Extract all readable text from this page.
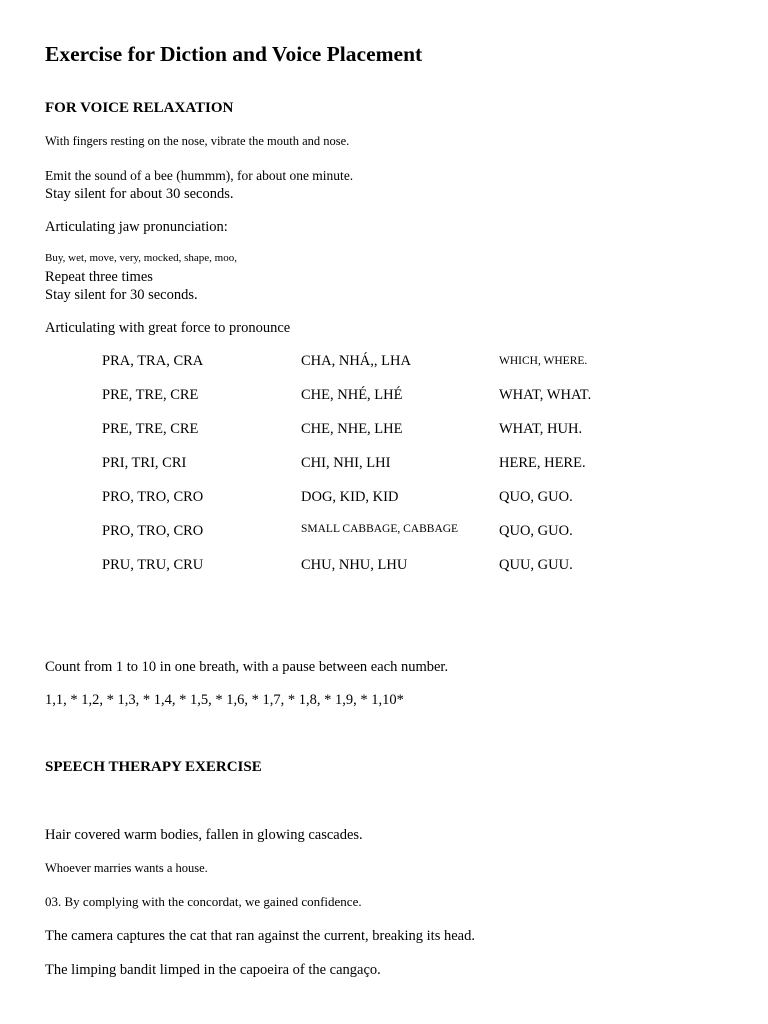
Exercise for Diction and Voice Placement
FOR VOICE RELAXATION
With fingers resting on the nose, vibrate the mouth and nose.
Emit the sound of a bee (hummm), for about one minute.
Stay silent for about 30 seconds.
Articulating jaw pronunciation:
Buy, wet, move, very, mocked, shape, moo,
Repeat three times
Stay silent for 30 seconds.
Articulating with great force to pronounce
PRA, TRA, CRA	CHA, NHÁ,, LHA	WHICH, WHERE.
PRE, TRE, CRE	CHE, NHÉ, LHÉ	WHAT, WHAT.
PRE, TRE, CRE	CHE, NHE, LHE	WHAT, HUH.
PRI, TRI, CRI	CHI, NHI, LHI	HERE, HERE.
PRO, TRO, CRO	DOG, KID, KID	QUO, GUO.
PRO, TRO, CRO	SMALL CABBAGE, CABBAGE	QUO, GUO.
PRU, TRU, CRU	CHU, NHU, LHU	QUU, GUU.
Count from 1 to 10 in one breath, with a pause between each number.
1,1, * 1,2, * 1,3, * 1,4, * 1,5, * 1,6, * 1,7, * 1,8, * 1,9, * 1,10*
SPEECH THERAPY EXERCISE
Hair covered warm bodies, fallen in glowing cascades.
Whoever marries wants a house.
03. By complying with the concordat, we gained confidence.
The camera captures the cat that ran against the current, breaking its head.
The limping bandit limped in the capoeira of the cangaço.
